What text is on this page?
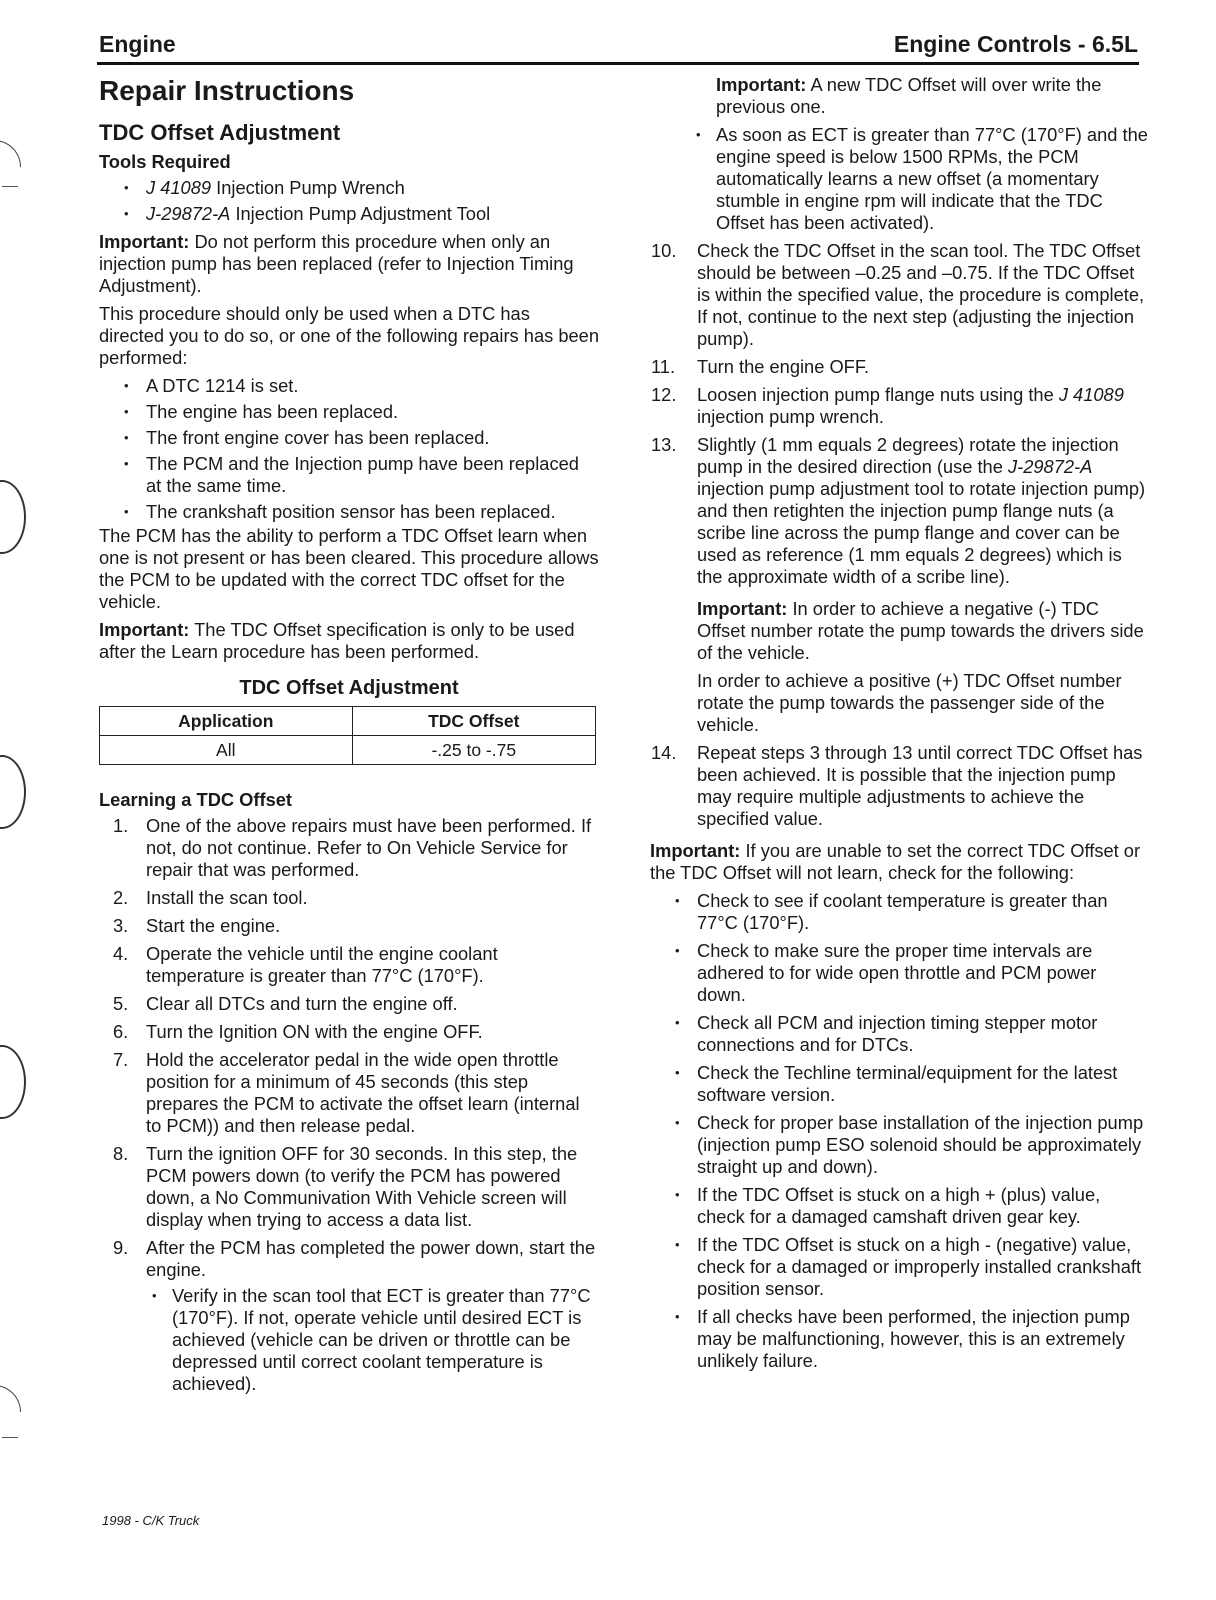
Engine	Engine Controls - 6.5L
Repair Instructions
TDC Offset Adjustment
Tools Required
• J 41089 Injection Pump Wrench
• J-29872-A Injection Pump Adjustment Tool

Important: Do not perform this procedure when only an injection pump has been replaced (refer to Injection Timing Adjustment).

This procedure should only be used when a DTC has directed you to do so, or one of the following repairs has been performed:

• A DTC 1214 is set.
• The engine has been replaced.
• The front engine cover has been replaced.
• The PCM and the Injection pump have been replaced at the same time.
• The crankshaft position sensor has been replaced.

The PCM has the ability to perform a TDC Offset learn when one is not present or has been cleared. This procedure allows the PCM to be updated with the correct TDC offset for the vehicle.

Important: The TDC Offset specification is only to be used after the Learn procedure has been performed.

TDC Offset Adjustment
Application	TDC Offset
All	-.25 to -.75
Learning a TDC Offset
1. One of the above repairs must have been performed. If not, do not continue. Refer to On Vehicle Service for repair that was performed.
2. Install the scan tool.
3. Start the engine.
4. Operate the vehicle until the engine coolant temperature is greater than 77°C (170°F).
5. Clear all DTCs and turn the engine off.
6. Turn the Ignition ON with the engine OFF.
7. Hold the accelerator pedal in the wide open throttle position for a minimum of 45 seconds (this step prepares the PCM to activate the offset learn (internal to PCM)) and then release pedal.
8. Turn the ignition OFF for 30 seconds. In this step, the PCM powers down (to verify the PCM has powered down, a No Communivation With Vehicle screen will display when trying to access a data list.
9. After the PCM has completed the power down, start the engine.
• Verify in the scan tool that ECT is greater than 77°C (170°F). If not, operate vehicle until desired ECT is achieved (vehicle can be driven or throttle can be depressed until correct coolant temperature is achieved).

Important: A new TDC Offset will over write the previous one.

• As soon as ECT is greater than 77°C (170°F) and the engine speed is below 1500 RPMs, the PCM automatically learns a new offset (a momentary stumble in engine rpm will indicate that the TDC Offset has been activated).
10. Check the TDC Offset in the scan tool. The TDC Offset should be between –0.25 and –0.75. If the TDC Offset is within the specified value, the procedure is complete, If not, continue to the next step (adjusting the injection pump).
11. Turn the engine OFF.
12. Loosen injection pump flange nuts using the J 41089 injection pump wrench.
13. Slightly (1 mm equals 2 degrees) rotate the injection pump in the desired direction (use the J-29872-A injection pump adjustment tool to rotate injection pump) and then retighten the injection pump flange nuts (a scribe line across the pump flange and cover can be used as reference (1 mm equals 2 degrees) which is the approximate width of a scribe line).

Important: In order to achieve a negative (-) TDC Offset number rotate the pump towards the drivers side of the vehicle.

In order to achieve a positive (+) TDC Offset number rotate the pump towards the passenger side of the vehicle.

14. Repeat steps 3 through 13 until correct TDC Offset has been achieved. It is possible that the injection pump may require multiple adjustments to achieve the specified value.

Important: If you are unable to set the correct TDC Offset or the TDC Offset will not learn, check for the following:

• Check to see if coolant temperature is greater than 77°C (170°F).
• Check to make sure the proper time intervals are adhered to for wide open throttle and PCM power down.
• Check all PCM and injection timing stepper motor connections and for DTCs.
• Check the Techline terminal/equipment for the latest software version.
• Check for proper base installation of the injection pump (injection pump ESO solenoid should be approximately straight up and down).
• If the TDC Offset is stuck on a high + (plus) value, check for a damaged camshaft driven gear key.
• If the TDC Offset is stuck on a high - (negative) value, check for a damaged or improperly installed crankshaft position sensor.
• If all checks have been performed, the injection pump may be malfunctioning, however, this is an extremely unlikely failure.
1998 - C/K Truck
